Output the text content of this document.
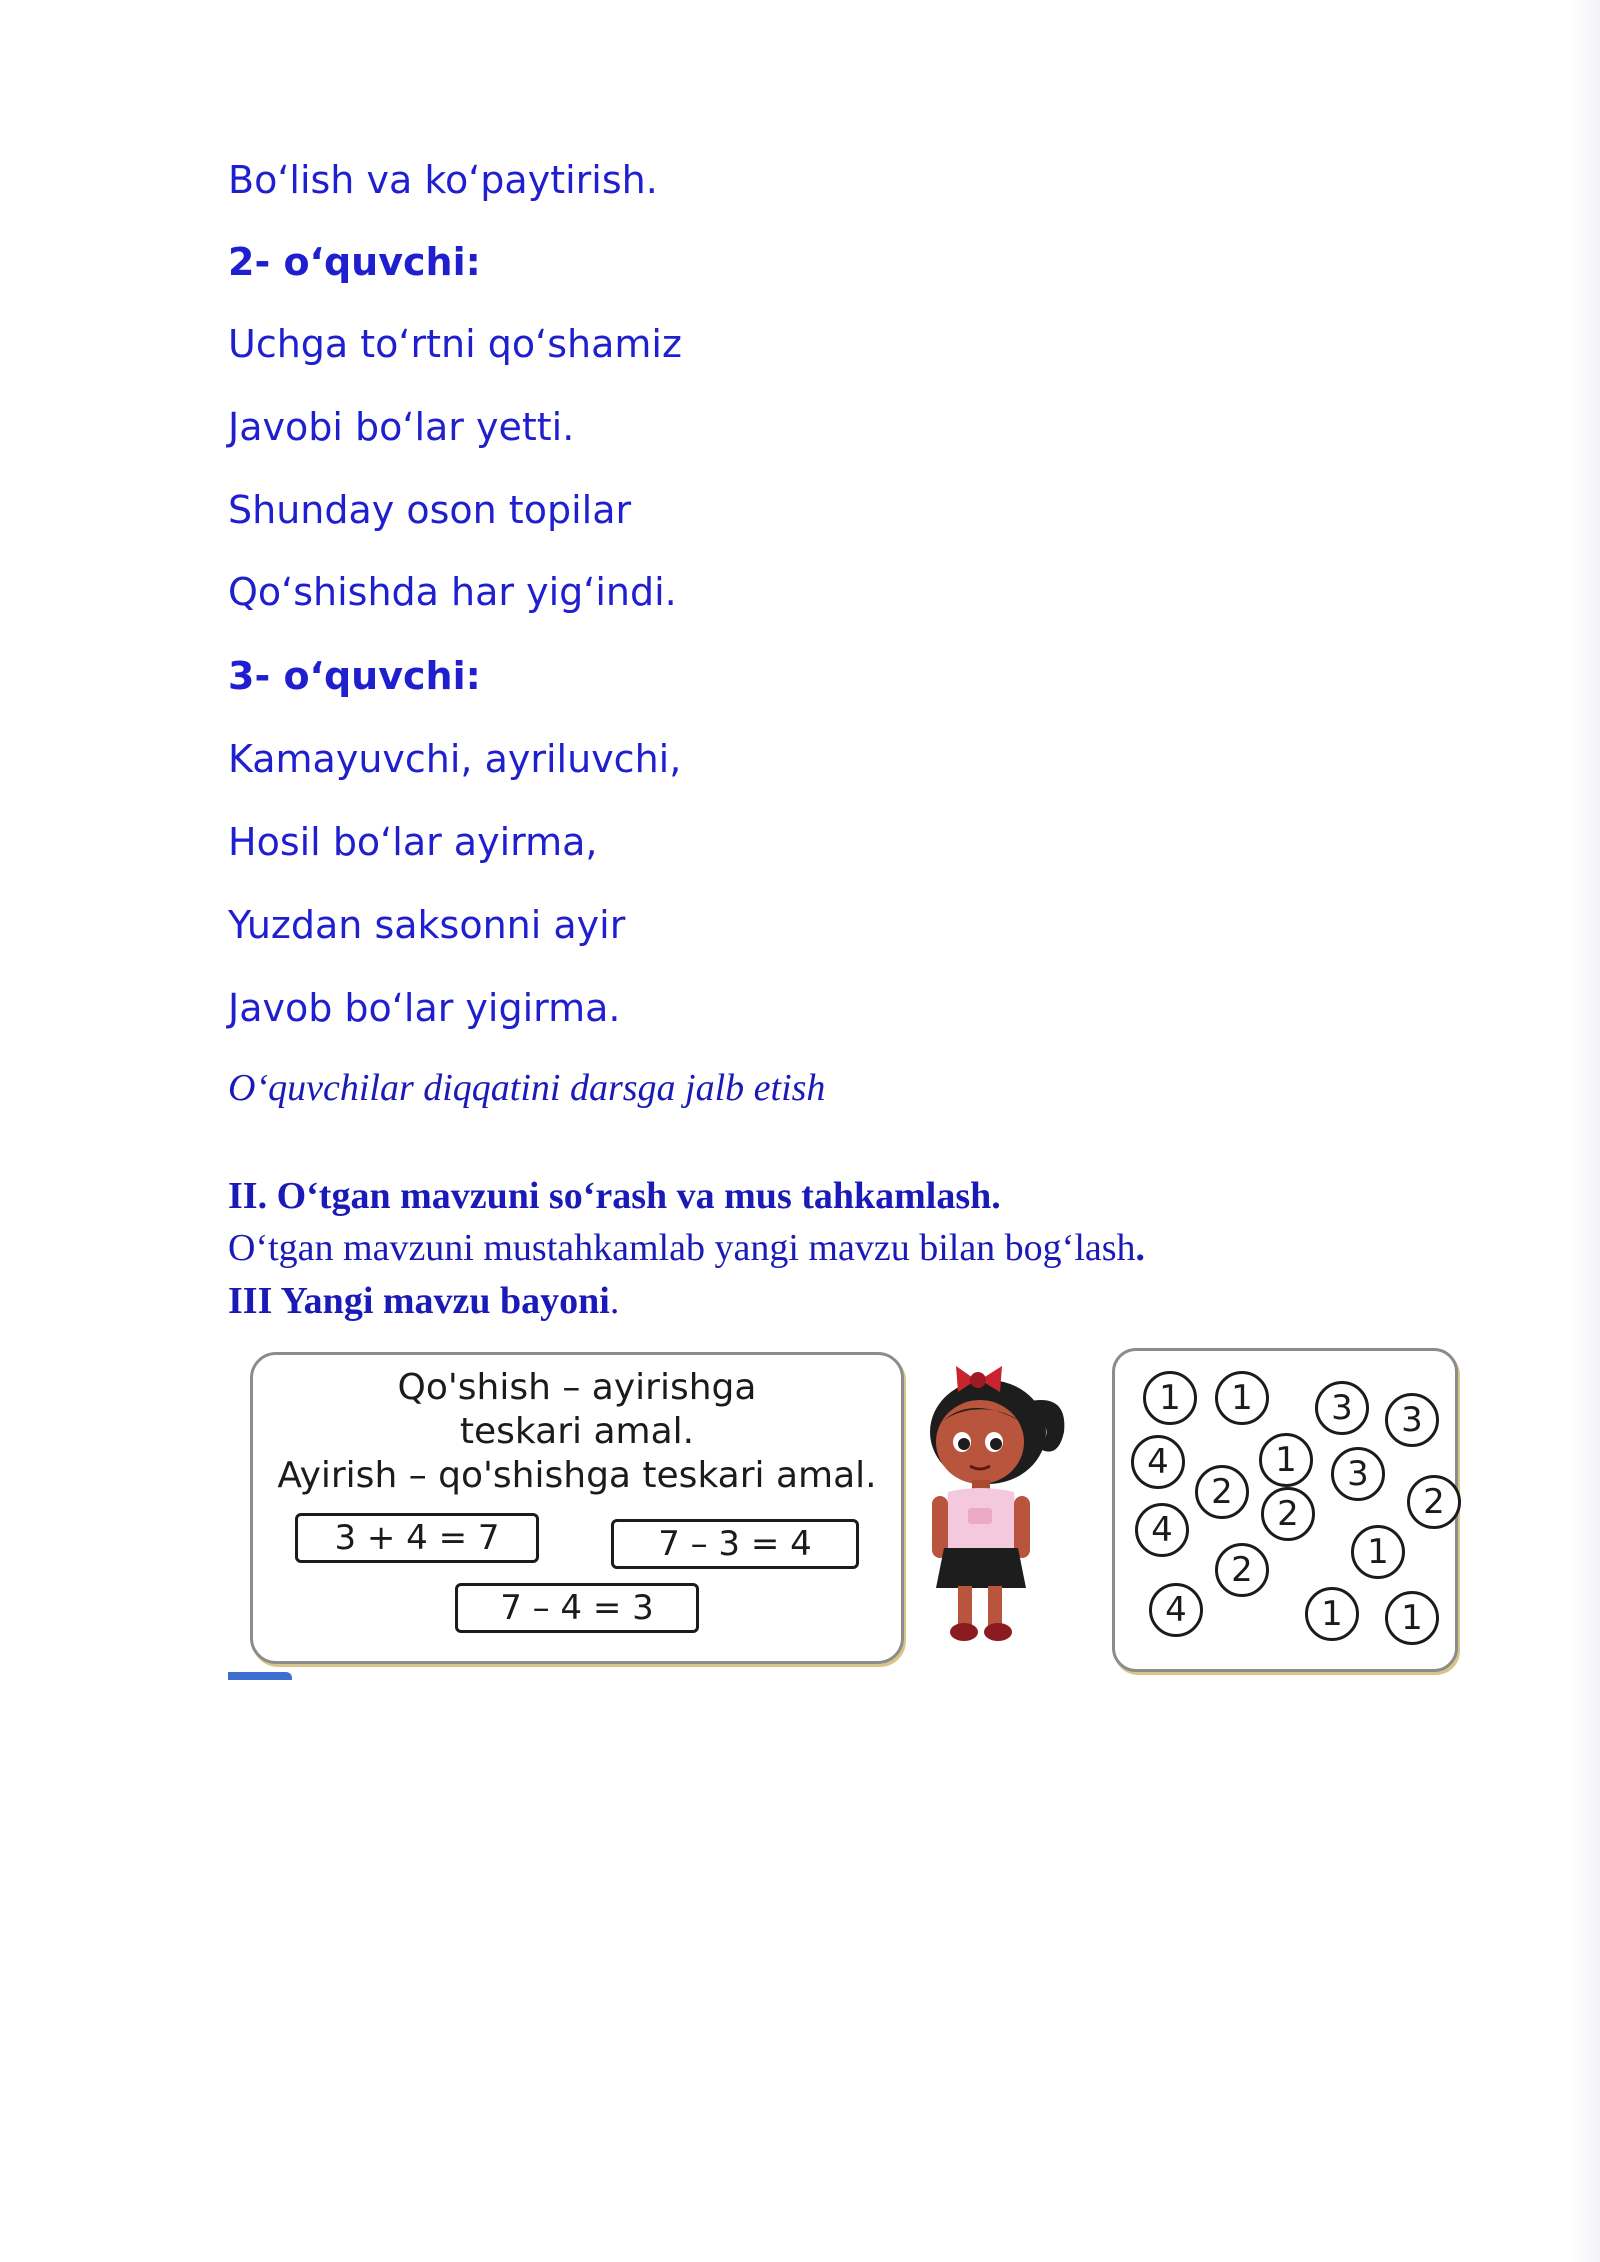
Bo‘lish va ko‘paytirish.
2- o‘quvchi:
Uchga to‘rtni qo‘shamiz
Javobi bo‘lar yetti.
Shunday oson topilar
Qo‘shishda har yig‘indi.
3- o‘quvchi:
Kamayuvchi, ayriluvchi,
Hosil bo‘lar ayirma,
Yuzdan saksonni ayir
Javob bo‘lar yigirma.
O‘quvchilar diqqatini darsga jalb etish
II. O‘tgan mavzuni so‘rash va mus tahkamlash.
O‘tgan mavzuni mustahkamlab yangi mavzu bilan bog‘lash.
III Yangi mavzu bayoni.
Qo'shish – ayirishga
teskari amal.
Ayirish – qo'shishga teskari amal.
3 + 4 = 7	7 – 3 = 4
7 – 4 = 3
1	1	3	3
4	1	3
2	2
4	2
1
2
4	1	1
